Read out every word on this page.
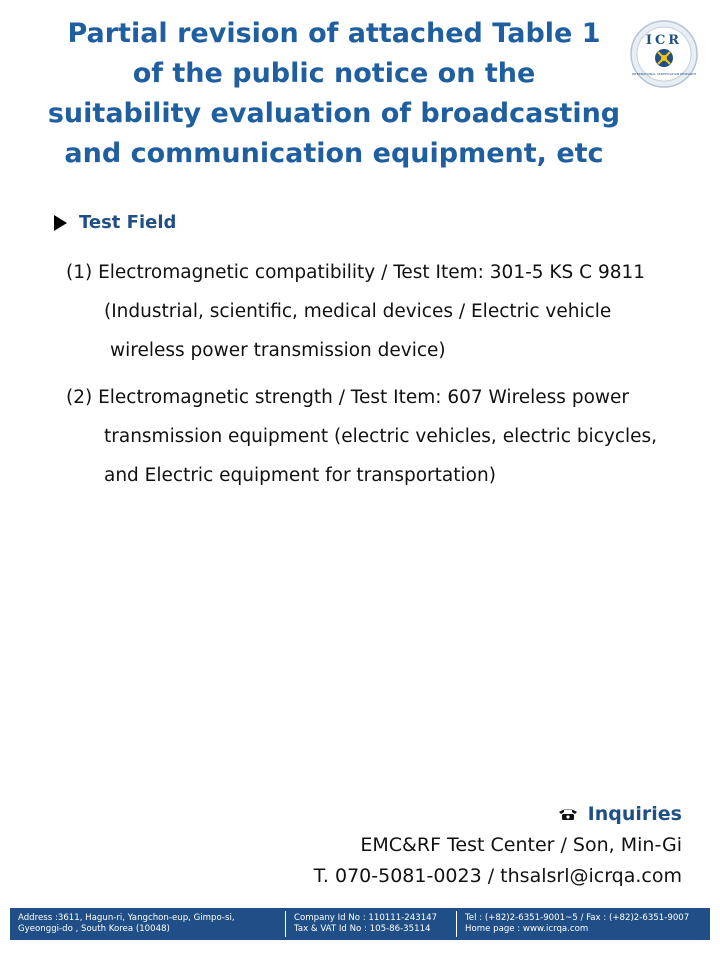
Partial revision of attached Table 1
of the public notice on the
suitability evaluation of broadcasting
and communication equipment, etc
ICR
INTERNATIONAL CERTIFICATION RESEARCH
Test Field
(1) Electromagnetic compatibility / Test Item: 301-5 KS C 9811
(Industrial, scientific, medical devices / Electric vehicle
wireless power transmission device)
(2) Electromagnetic strength / Test Item: 607 Wireless power
transmission equipment (electric vehicles, electric bicycles,
and Electric equipment for transportation)
Inquiries
EMC&RF Test Center / Son, Min-Gi
T. 070-5081-0023 / thsalsrl@icrqa.com
Address :3611, Hagun-ri, Yangchon-eup, Gimpo-si,
Gyeonggi-do , South Korea (10048)
Company Id No : 110111-243147
Tax & VAT Id No : 105-86-35114
Tel : (+82)2-6351-9001~5 / Fax : (+82)2-6351-9007
Home page : www.icrqa.com
